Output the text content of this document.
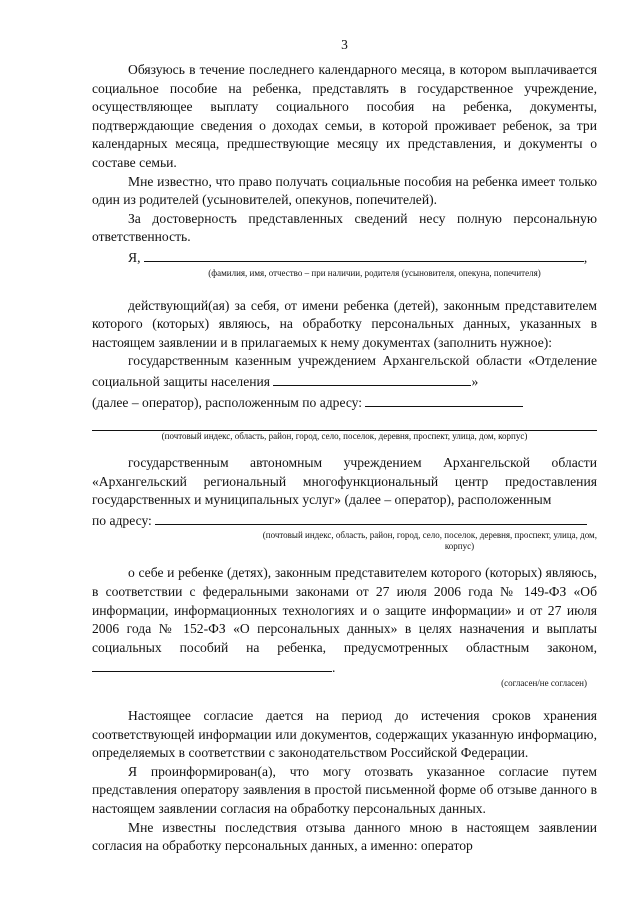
3

Обязуюсь в течение последнего календарного месяца, в котором выплачивается социальное пособие на ребенка, представлять в государственное учреждение, осуществляющее выплату социального пособия на ребенка, документы, подтверждающие сведения о доходах семьи, в которой проживает ребенок, за три календарных месяца, предшествующие месяцу их представления, и документы о составе семьи.

Мне известно, что право получать социальные пособия на ребенка имеет только один из родителей (усыновителей, опекунов, попечителей).

За достоверность представленных сведений несу полную персональную ответственность.

Я,	,

(фамилия, имя, отчество – при наличии, родителя (усыновителя, опекуна, попечителя)

действующий(ая) за себя, от имени ребенка (детей), законным представителем которого (которых) являюсь, на обработку персональных данных, указанных в настоящем заявлении и в прилагаемых к нему документах (заполнить нужное):

государственным казенным учреждением Архангельской области «Отделение социальной защиты населения	»

(далее – оператор), расположенным по адресу:

(почтовый индекс, область, район, город, село, поселок, деревня, проспект, улица, дом, корпус)

государственным автономным учреждением Архангельской области «Архангельский региональный многофункциональный центр предоставления государственных и муниципальных услуг» (далее – оператор), расположенным

по адресу:

(почтовый индекс, область, район, город, село, поселок, деревня, проспект, улица, дом,
корпус)

о себе и ребенке (детях), законным представителем которого (которых) являюсь, в соответствии с федеральными законами от 27 июля 2006 года № 149-ФЗ «Об информации, информационных технологиях и о защите информации» и от 27 июля 2006 года № 152-ФЗ «О персональных данных» в целях назначения и выплаты социальных пособий на ребенка, предусмотренных областным законом, .

(согласен/не согласен)

Настоящее согласие дается на период до истечения сроков хранения соответствующей информации или документов, содержащих указанную информацию, определяемых в соответствии с законодательством Российской Федерации.

Я проинформирован(а), что могу отозвать указанное согласие путем представления оператору заявления в простой письменной форме об отзыве данного в настоящем заявлении согласия на обработку персональных данных.

Мне известны последствия отзыва данного мною в настоящем заявлении согласия на обработку персональных данных, а именно: оператор
